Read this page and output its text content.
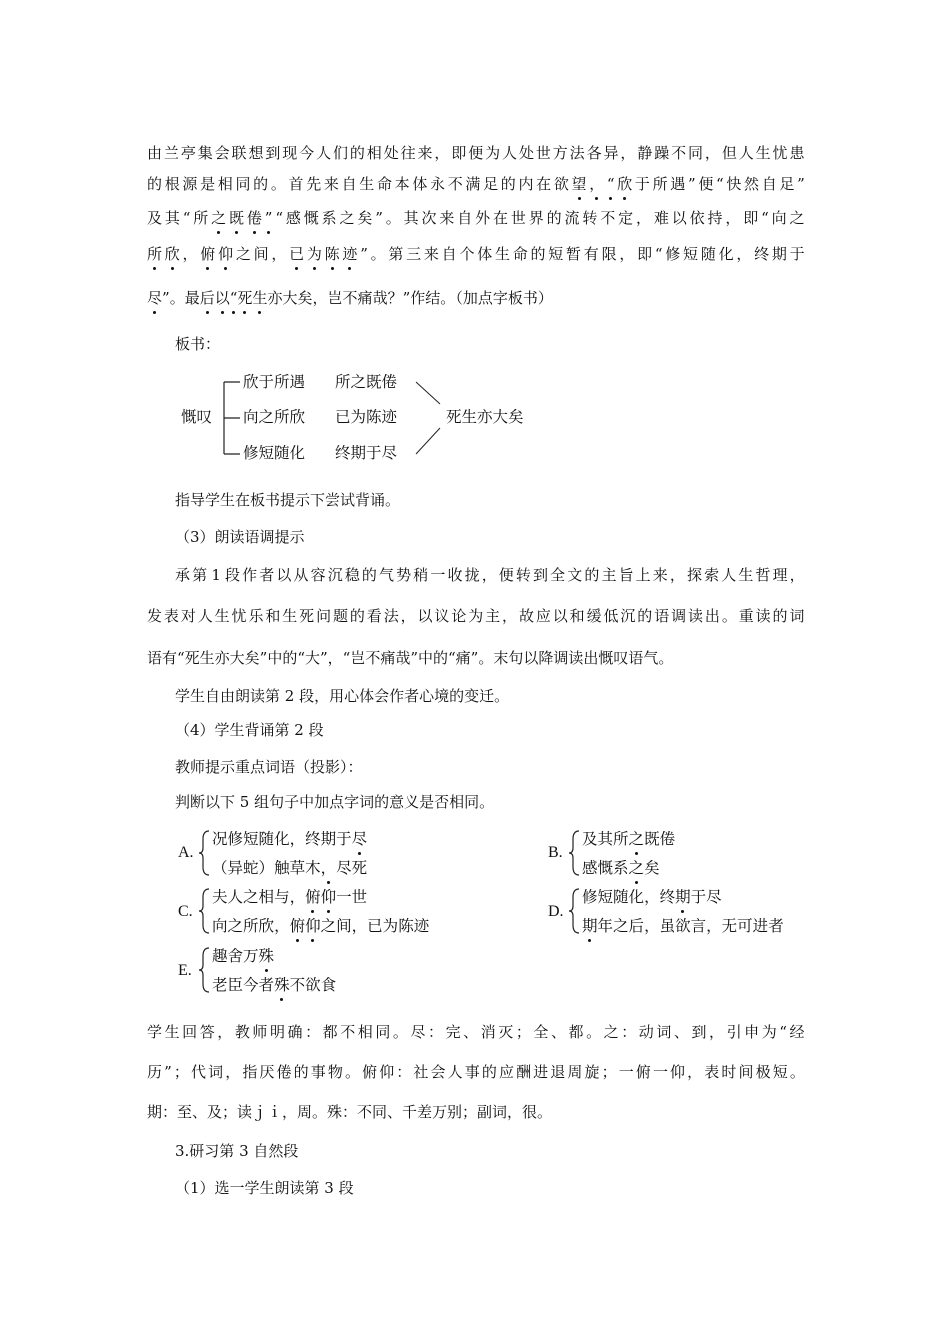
由 兰 亭 集 会 联 想 到 现 今 人 们 的 相 处 往 来 ， 即 便 为 人 处 世 方 法 各 异 ， 静 躁 不 同 ， 但 人 生 忧 患
的 根 源 是 相 同 的 。 首 先 来 自 生 命 本 体 永 不 满 足 的 内 在 欲 望 ， “ 欣 于 所 遇 ” 便 “ 快 然 自 足 ”
及 其 “ 所 之 既 倦 ” “ 感 慨 系 之 矣 ” 。 其 次 来 自 外 在 世 界 的 流 转 不 定 ， 难 以 依 持 ， 即 “ 向 之
所 欣 ， 俯 仰 之 间 ， 已 为 陈 迹 ” 。 第 三 来 自 个 体 生 命 的 短 暂 有 限 ， 即 “ 修 短 随 化 ， 终 期 于
尽”。最后以“死生亦大矣，岂不痛哉？”作结。（加点字板书）
板书：
慨叹
欣于所遇 所之既倦
向之所欣 已为陈迹
修短随化 终期于尽
死生亦大矣
指导学生在板书提示下尝试背诵。
（3）朗读语调提示
承 第 1 段 作 者 以 从 容 沉 稳 的 气 势 稍 一 收 拢 ， 便 转 到 全 文 的 主 旨 上 来 ， 探 索 人 生 哲 理 ，
发 表 对 人 生 忧 乐 和 生 死 问 题 的 看 法 ， 以 议 论 为 主 ， 故 应 以 和 缓 低 沉 的 语 调 读 出 。 重 读 的 词
语有“死生亦大矣”中的“大”，“岂不痛哉”中的“痛”。末句以降调读出慨叹语气。
学生自由朗读第 2 段，用心体会作者心境的变迁。
（4）学生背诵第 2 段
教师提示重点词语（投影）：
判断以下 5 组句子中加点字词的意义是否相同。
A.
况修短随化，终期于尽
（异蛇）触草木，尽死
B.
及其所之既倦
感慨系之矣
C.
夫人之相与，俯仰一世
向之所欣，俯仰之间，已为陈迹
D.
修短随化，终期于尽
期年之后，虽欲言，无可进者
E.
趣舍万殊
老臣今者殊不欲食
学 生 回 答 ， 教 师 明 确 ： 都 不 相 同 。 尽 ： 完 、 消 灭 ； 全 、 都 。 之 ： 动 词 、 到 ， 引 申 为 “ 经
历 ” ； 代 词 ， 指 厌 倦 的 事 物 。 俯 仰 ： 社 会 人 事 的 应 酬 进 退 周 旋 ； 一 俯 一 仰 ， 表 时 间 极 短 。
期：至、及；读ｊｉ，周。殊：不同、千差万别；副词，很。
3.研习第 3 自然段
（1）选一学生朗读第 3 段
